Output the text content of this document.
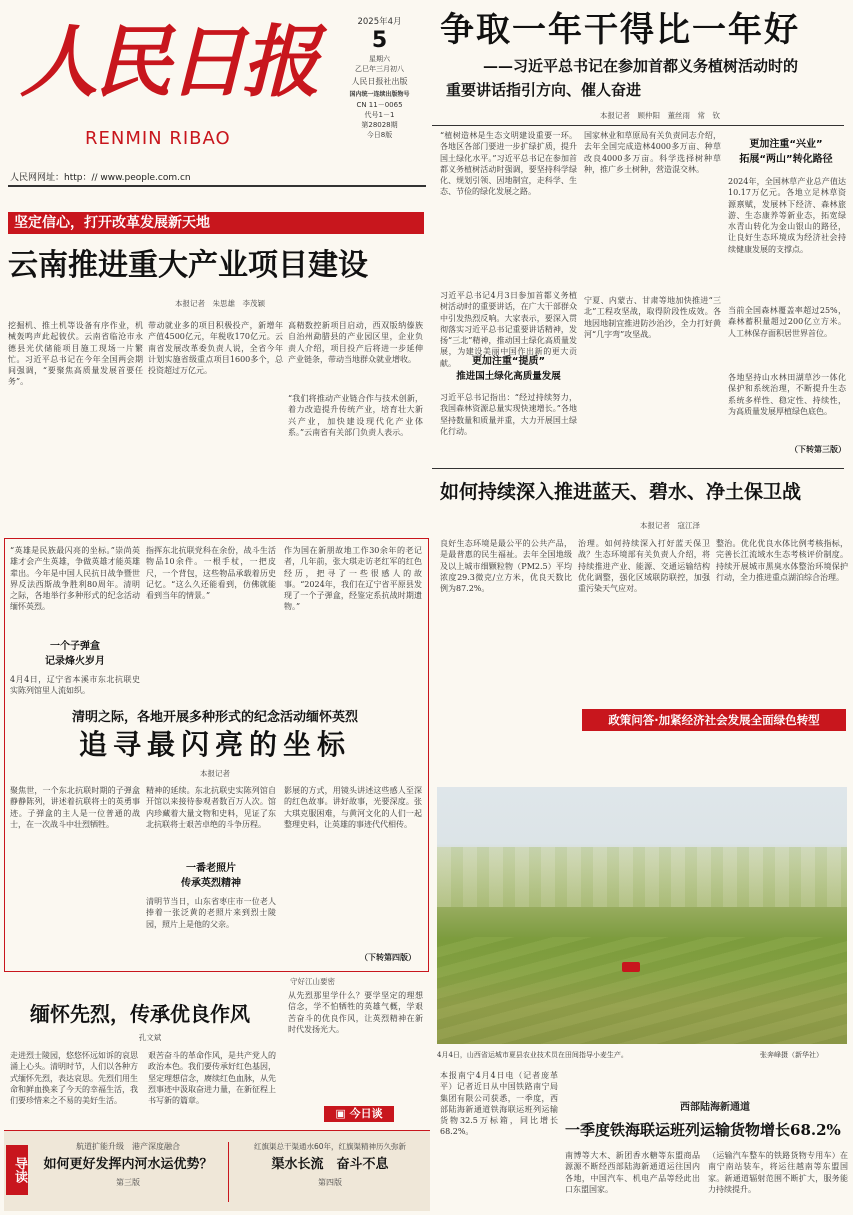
人民日报
RENMIN RIBAO
人民网网址：http：// www.people.com.cn
2025年4月
5
星期六
乙巳年三月初八
人民日报社出版
国内统一连续出版物号
CN 11－0065
代号1－1
第28028期
今日8版
争取一年干得比一年好
——习近平总书记在参加首都义务植树活动时的
重要讲话指引方向、催人奋进
本报记者　顾仲阳　董丝雨　常　钦
“植树造林是生态文明建设重要一环。各地区各部门要进一步扩绿扩质，提升国土绿化水平。”习近平总书记在参加首都义务植树活动时强调，要坚持科学绿化、规划引领、因地制宜，走科学、生态、节俭的绿化发展之路。
习近平总书记4月3日参加首都义务植树活动时的重要讲话，在广大干部群众中引发热烈反响。大家表示，要深入贯彻落实习近平总书记重要讲话精神，发扬“三北”精神，推动国土绿化高质量发展，为建设美丽中国作出新的更大贡献。	更加注重“提质”
推进国土绿化高质量发展
习近平总书记指出：“经过持续努力，我国森林资源总量实现快速增长。”各地坚持数量和质量并重，大力开展国土绿化行动。
国家林业和草原局有关负责同志介绍，去年全国完成造林4000多万亩、种草改良4000多万亩。科学选择树种草种，推广乡土树种，营造混交林。
宁夏、内蒙古、甘肃等地加快推进“三北”工程攻坚战，取得阶段性成效。各地因地制宜推进防沙治沙，全力打好黄河“几字弯”攻坚战。
更加注重“兴业”
拓展“两山”转化路径
2024年，全国林草产业总产值达10.17万亿元。各地立足林草资源禀赋，发展林下经济、森林旅游、生态康养等新业态，拓宽绿水青山转化为金山银山的路径，让良好生态环境成为经济社会持续健康发展的支撑点。
当前全国森林覆盖率超过25%，森林蓄积量超过200亿立方米。人工林保存面积居世界首位。
各地坚持山水林田湖草沙一体化保护和系统治理，不断提升生态系统多样性、稳定性、持续性，为高质量发展厚植绿色底色。
（下转第三版）
坚定信心，打开改革发展新天地
云南推进重大产业项目建设
本报记者　朱思雄　李茂颖
挖掘机、推土机等设备有序作业，机械轰鸣声此起彼伏。云南省临沧市永德县光伏储能项目施工现场一片繁忙。习近平总书记在今年全国两会期间强调，“要聚焦高质量发展首要任务”。
带动就业多的项目积极投产，新增年产值4500亿元，年税收170亿元。云南省发展改革委负责人说，全省今年计划实施省级重点项目1600多个，总投资超过万亿元。
高精数控新项目启动，西双版纳傣族自治州勐腊县的产业园区里，企业负责人介绍，项目投产后将进一步延伸产业链条，带动当地群众就业增收。
“我们将推动产业链合作与技术创新，着力改造提升传统产业，培育壮大新兴产业，加快建设现代化产业体系。”云南省有关部门负责人表示。
“英雄是民族最闪亮的坐标。”崇尚英雄才会产生英雄，争做英雄才能英雄辈出。今年是中国人民抗日战争暨世界反法西斯战争胜利80周年。清明之际，各地举行多种形式的纪念活动缅怀英烈。
一个子弹盒
记录烽火岁月
4月4日，辽宁省本溪市东北抗联史实陈列馆里人流如织。
指挥东北抗联党科在余份，战斗生活物品10余件。一根手杖，一把皮尺，一个背包，这些物品承载着历史记忆。“这么久还能看到，仿佛就能看到当年的情景。”
作为国在新朋故地工作30余年的老记者，几年前，张大琪走访老红军的红色经历，把寻了一些很感人的故事。“2024年，我们在辽宁省平原县发现了一个子弹盒，经鉴定系抗战时期遗物。”
清明之际，各地开展多种形式的纪念活动缅怀英烈
追寻最闪亮的坐标
本报记者
聚焦世，一个东北抗联时期的子弹盒静静陈列，讲述着抗联将士的英勇事迹。子弹盒的主人是一位普通的战士，在一次战斗中壮烈牺牲。
精神的延续。东北抗联史实陈列馆自开馆以来接待参观者数百万人次。馆内珍藏着大量文物和史料，见证了东北抗联将士艰苦卓绝的斗争历程。
一番老照片
传承英烈精神
清明节当日，山东省枣庄市一位老人捧着一张泛黄的老照片来到烈士陵园，照片上是他的父亲。
影展的方式，用镜头讲述这些感人至深的红色故事。讲好故事，光要深度。张大琪克服困难，与黄河文化的人们一起整理史料，让英雄的事迹代代相传。
（下转第四版）
守好江山要密
缅怀先烈，传承优良作风
孔文斌
走进烈士陵园，悠悠怀远如诉的哀思涌上心头。清明时节，人们以各种方式缅怀先烈，表达哀思。先烈们用生命和鲜血换来了今天的幸福生活，我们要珍惜来之不易的美好生活。
艰苦奋斗的革命作风，是共产党人的政治本色。我们要传承好红色基因，坚定理想信念，赓续红色血脉，从先烈事迹中汲取奋进力量，在新征程上书写新的篇章。
从先烈那里学什么？要学坚定的理想信念，学不怕牺牲的英雄气概，学艰苦奋斗的优良作风，让英烈精神在新时代发扬光大。
▣ 今日谈
导读
航道扩能升级　港产深度融合
如何更好发挥内河水运优势？
第三版
红旗渠总干渠通水60年，红旗渠精神历久弥新
渠水长流　奋斗不息
第四版
如何持续深入推进蓝天、碧水、净土保卫战
本报记者　寇江泽
良好生态环境是最公平的公共产品，是最普惠的民生福祉。去年全国地级及以上城市细颗粒物（PM2.5）平均浓度29.3微克/立方米，优良天数比例为87.2%。
治理。如何持续深入打好蓝天保卫战？生态环境部有关负责人介绍，将持续推进产业、能源、交通运输结构优化调整，强化区域联防联控，加强重污染天气应对。
整治。优化优良水体比例考核指标，完善长江流域水生态考核评价制度。持续开展城市黑臭水体整治环境保护行动，全力推进重点湖泊综合治理。
政策问答·加紧经济社会发展全面绿色转型
4月4日，山西省运城市夏县农业技术员在田间指导小麦生产。	张奔峰摄（新华社）
西部陆海新通道
一季度铁海联运班列运输货物增长68.2%
本报南宁4月4日电（记者庞革平）记者近日从中国铁路南宁局集团有限公司获悉，一季度，西部陆海新通道铁海联运班列运输货物32.5万标箱，同比增长68.2%。
南博等大木、新团香水糖等东盟商品源源不断经西部陆海新通道运往国内各地，中国汽车、机电产品等经此出口东盟国家。
（运输汽车整车的铁路货物专用车）在南宁南站装车，将运往越南等东盟国家。新通道辐射范围不断扩大，服务能力持续提升。
